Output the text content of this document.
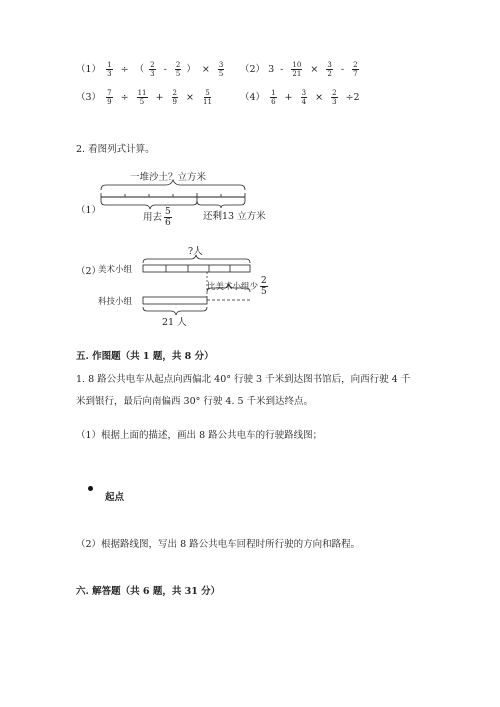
$(1) \frac{1}{3}$ ÷ （ $\frac{2}{3} - \frac{2}{5}$ ） × $\frac{3}{5} (2)$ $3 - \frac{10}{21} \times \frac{3}{2} - \frac{2}{7}$
$(3) \frac{7}{9} \div \frac{11}{5} + \frac{2}{9} \times \frac{5}{11}$	$(4) \frac{1}{6} + \frac{3}{4} \times \frac{2}{3} \div 2$
2. 看图列式计算。
（1）
一堆沙土？立方米
用去 $\frac{5}{6}$	还剩13 立方米
（2）
美术小组
科技小组
?人
比美术小组少 $\frac{2}{5}$
21 人
五. 作图题（共 1 题，共 8 分）
1. 8 路公共电车从起点向西偏北 40° 行驶 3 千米到达图书馆后，向西行驶 4 千
米到银行，最后向南偏西 30° 行驶 4. 5 千米到达终点。
（1）根据上面的描述，画出 8 路公共电车的行驶路线图；
起点
（2）根据路线图，写出 8 路公共电车回程时所行驶的方向和路程。
六. 解答题（共 6 题，共 31 分）
